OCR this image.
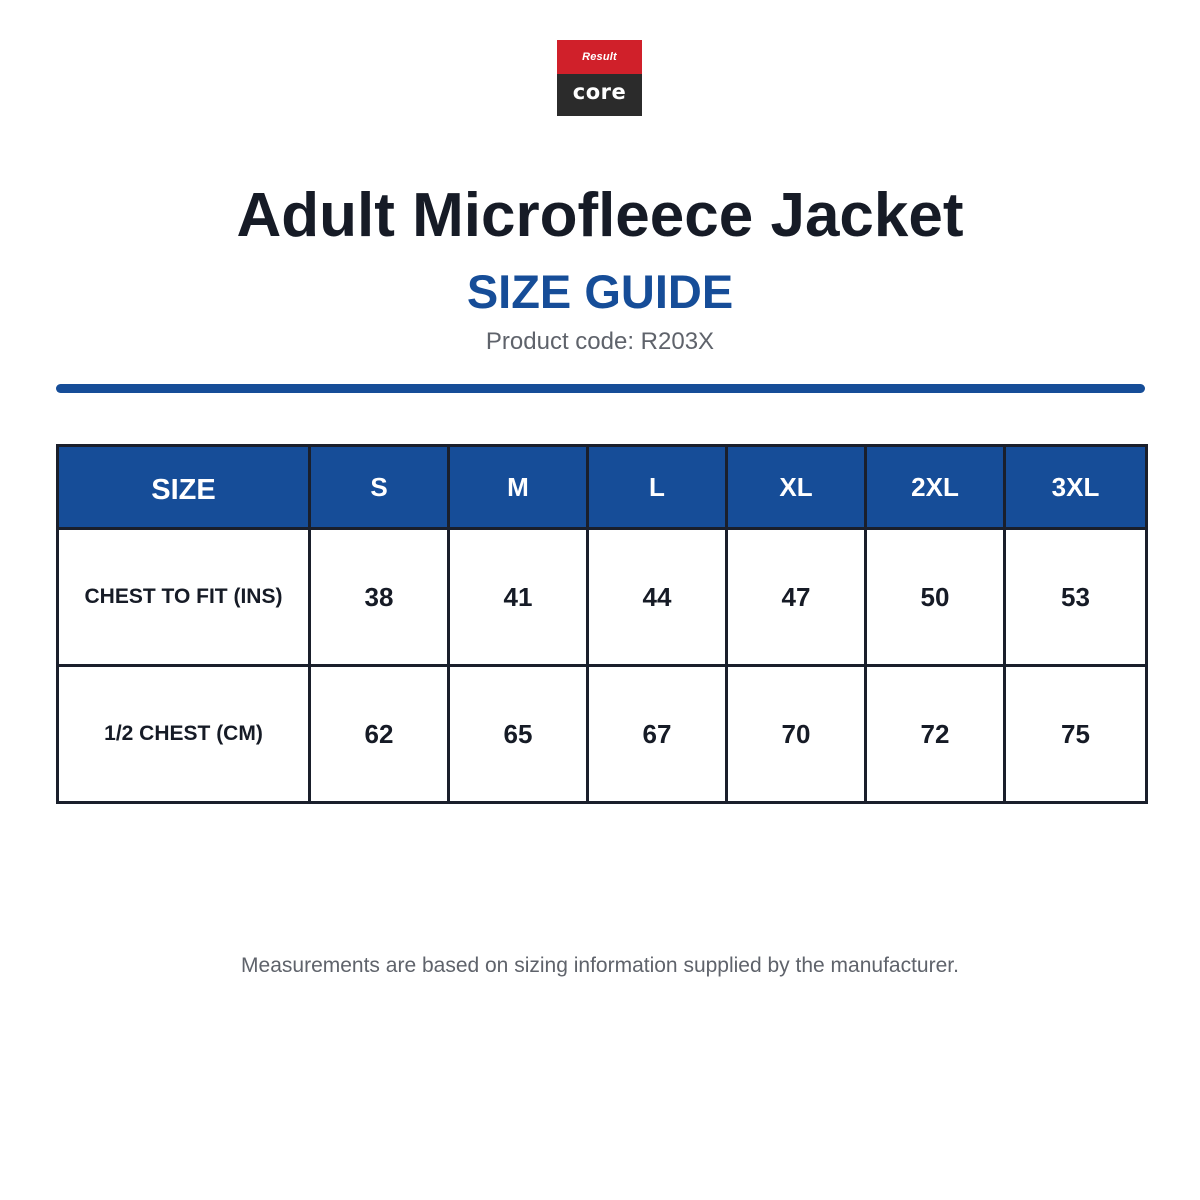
Result
core
Adult Microfleece Jacket
SIZE GUIDE

Product code: R203X

SIZE	S	M	L	XL	2XL	3XL
CHEST TO FIT (INS)	38	41	44	47	50	53
1/2 CHEST (CM)	62	65	67	70	72	75

Measurements are based on sizing information supplied by the manufacturer.
